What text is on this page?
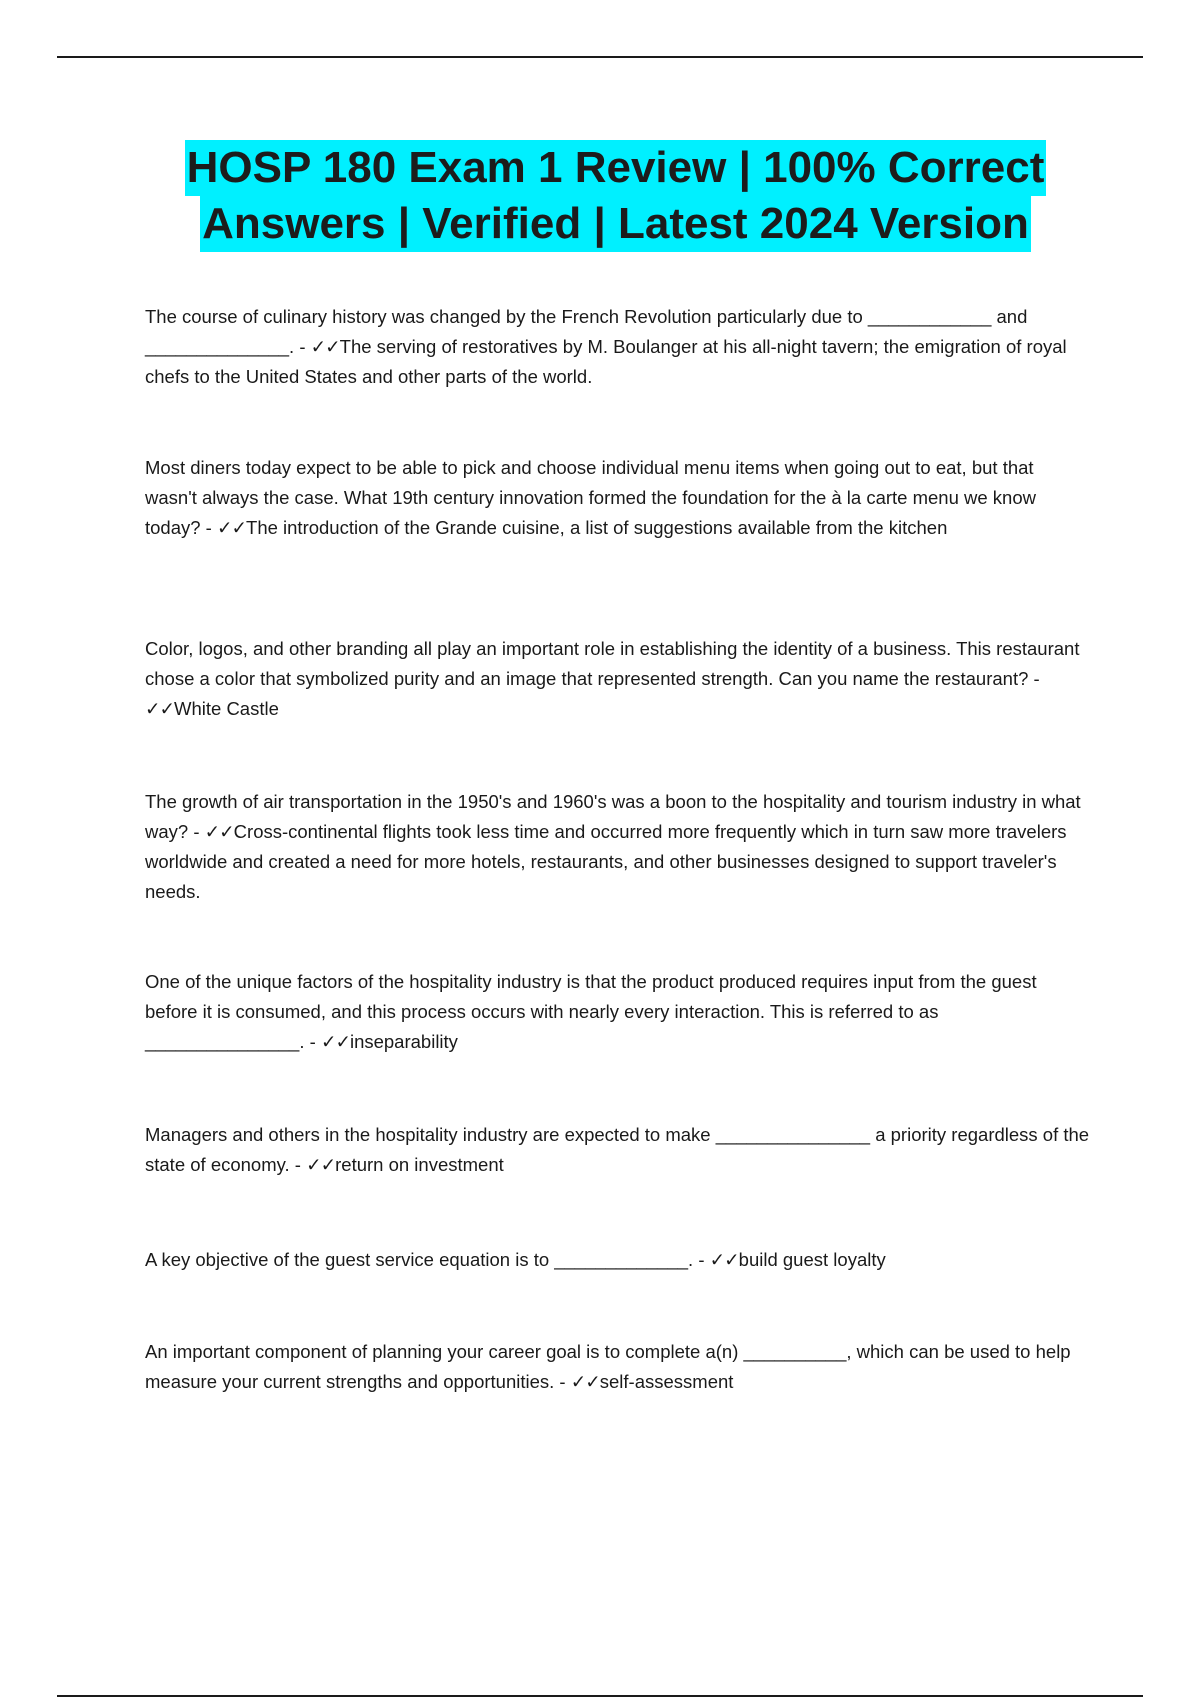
HOSP 180 Exam 1 Review | 100% Correct
Answers | Verified | Latest 2024 Version
The course of culinary history was changed by the French Revolution particularly due to ____________ and ______________. - ✓✓The serving of restoratives by M. Boulanger at his all-night tavern; the emigration of royal chefs to the United States and other parts of the world.
Most diners today expect to be able to pick and choose individual menu items when going out to eat, but that wasn't always the case. What 19th century innovation formed the foundation for the à la carte menu we know today? - ✓✓The introduction of the Grande cuisine, a list of suggestions available from the kitchen
Color, logos, and other branding all play an important role in establishing the identity of a business. This restaurant chose a color that symbolized purity and an image that represented strength. Can you name the restaurant? - ✓✓White Castle
The growth of air transportation in the 1950's and 1960's was a boon to the hospitality and tourism industry in what way? - ✓✓Cross-continental flights took less time and occurred more frequently which in turn saw more travelers worldwide and created a need for more hotels, restaurants, and other businesses designed to support traveler's needs.
One of the unique factors of the hospitality industry is that the product produced requires input from the guest before it is consumed, and this process occurs with nearly every interaction. This is referred to as _______________. - ✓✓inseparability
Managers and others in the hospitality industry are expected to make _______________ a priority regardless of the state of economy. - ✓✓return on investment
A key objective of the guest service equation is to _____________. - ✓✓build guest loyalty
An important component of planning your career goal is to complete a(n) __________, which can be used to help measure your current strengths and opportunities. - ✓✓self-assessment
